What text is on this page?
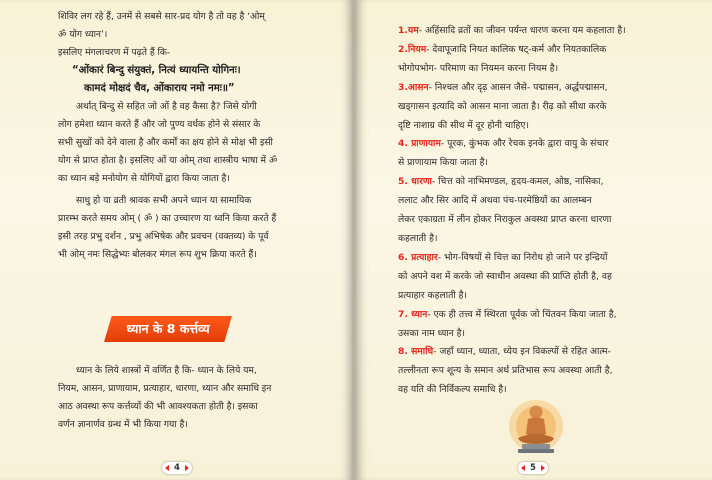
शिविर लग रहे हैं, उनमें से सबसे सार-प्रद योग है तो वह है ‘ओम्

ॐ योग ध्यान’।

इसलिए मंगलाचरण में पढ़ते हैं कि-

“ओंकारं बिन्दु संयुक्तं, नित्यं ध्यायन्ति योगिनः।

कामदं मोक्षदं चैव, ओंकाराय नमो नमः॥”

अर्थात् बिन्दु से सहित जो ओं है वह कैसा है? जिसे योगी

लोग हमेशा ध्यान करते हैं और जो पुण्य वर्धक होने से संसार के

सभी सुखों को देने वाला है और कर्मों का क्षय होने से मोक्ष भी इसी

योग से प्राप्त होता है। इसलिए ओं या ओम् तथा शास्त्रीय भाषा में ॐ

का ध्यान बड़े मनोयोग से योगियों द्वारा किया जाता है।

साधु हो या व्रती श्रावक सभी अपने ध्यान या सामायिक

प्रारम्भ करते समय ओम् ( ॐ ) का उच्चारण या ध्वनि किया करते हैं

इसी तरह प्रभु दर्शन , प्रभु अभिषेक और प्रवचन (वक्तव्य) के पूर्व

भी ओम् नमः सिद्धेभ्यः बोलकर मंगल रूप शुभ क्रिया करते हैं।

ध्यान के 8 कर्त्तव्य

ध्यान के लिये शास्त्रों में वर्णित है कि- ध्यान के लिये यम,

नियम, आसन, प्राणायाम, प्रत्याहार, धारणा, ध्यान और समाधि इन

आठ अवस्था रूप कर्त्तव्यों की भी आवश्यकता होती है। इसका

वर्णन ज्ञानार्णव ग्रन्थ में भी किया गया है।

4

1.यम- अहिंसादि व्रतों का जीवन पर्यन्त धारण करना यम कहलाता है।

2.नियम- देवापूजादि नियत कालिक षट्-कर्म और नियतकालिक

भोगोपभोग- परिमाण का नियमन करना नियम है।

3.आसन- निश्चल और दृढ़ आसन जैसे- पद्मासन, अर्द्धपद्मासन,

खड्गासन इत्यादि को आसन माना जाता है। रीढ़ को सीधा करके

दृष्टि नाशाग्र की सीध में दूर होनी चाहिए।

4. प्राणायाम- पूरक, कुंभक और रेचक इनके द्वारा वायु के संचार

से प्राणायाम किया जाता है।

5. धारणा- चित्त को नाभिमण्डल, हृदय-कमल, ओष्ठ, नासिका,

ललाट और सिर आदि में अथवा पंच-परमेष्ठियों का आलम्बन

लेकर एकाग्रता में लीन होकर निराकुल अवस्था प्राप्त करना धारणा

कहलाती है।

6. प्रत्याहार- भोग-विषयों से चित्त का निरोध हो जाने पर इन्द्रियों

को अपने वश में करके जो स्वाधीन अवस्था की प्राप्ति होती है, वह

प्रत्याहार कहलाती है।

7. ध्यान- एक ही तत्त्व में स्थिरता पूर्वक जो चिंतवन किया जाता है,

उसका नाम ध्यान है।

8. समाधि- जहाँ ध्यान, ध्याता, ध्येय इन विकल्पों से रहित आत्म-

तल्लीनता रूप शून्य के समान अर्थ प्रतिभास रूप अवस्था आती है,

वह यति की निर्विकल्प समाधि है।

5
